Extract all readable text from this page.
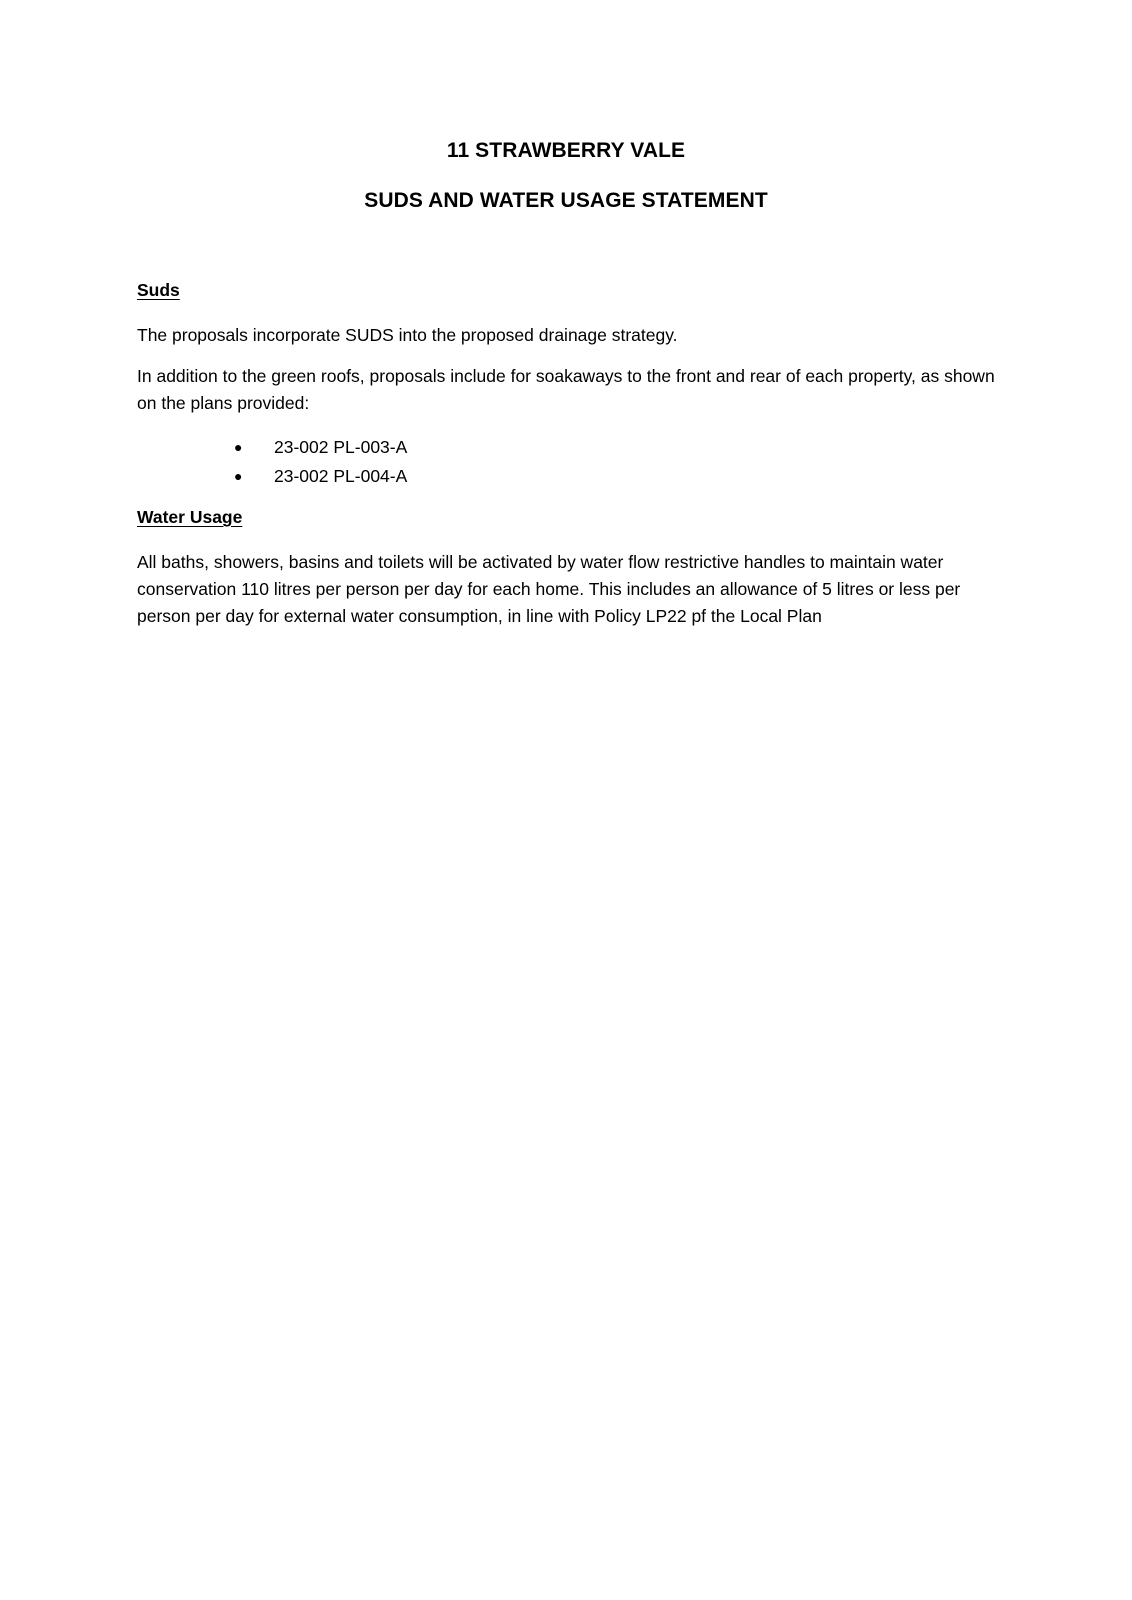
11 STRAWBERRY VALE
SUDS AND WATER USAGE STATEMENT
Suds
The proposals incorporate SUDS into the proposed drainage strategy.
In addition to the green roofs, proposals include for soakaways to the front and rear of each property, as shown on the plans provided:
● 23-002 PL-003-A
● 23-002 PL-004-A
Water Usage
All baths, showers, basins and toilets will be activated by water flow restrictive handles to maintain water conservation 110 litres per person per day for each home. This includes an allowance of 5 litres or less per person per day for external water consumption, in line with Policy LP22 pf the Local Plan
